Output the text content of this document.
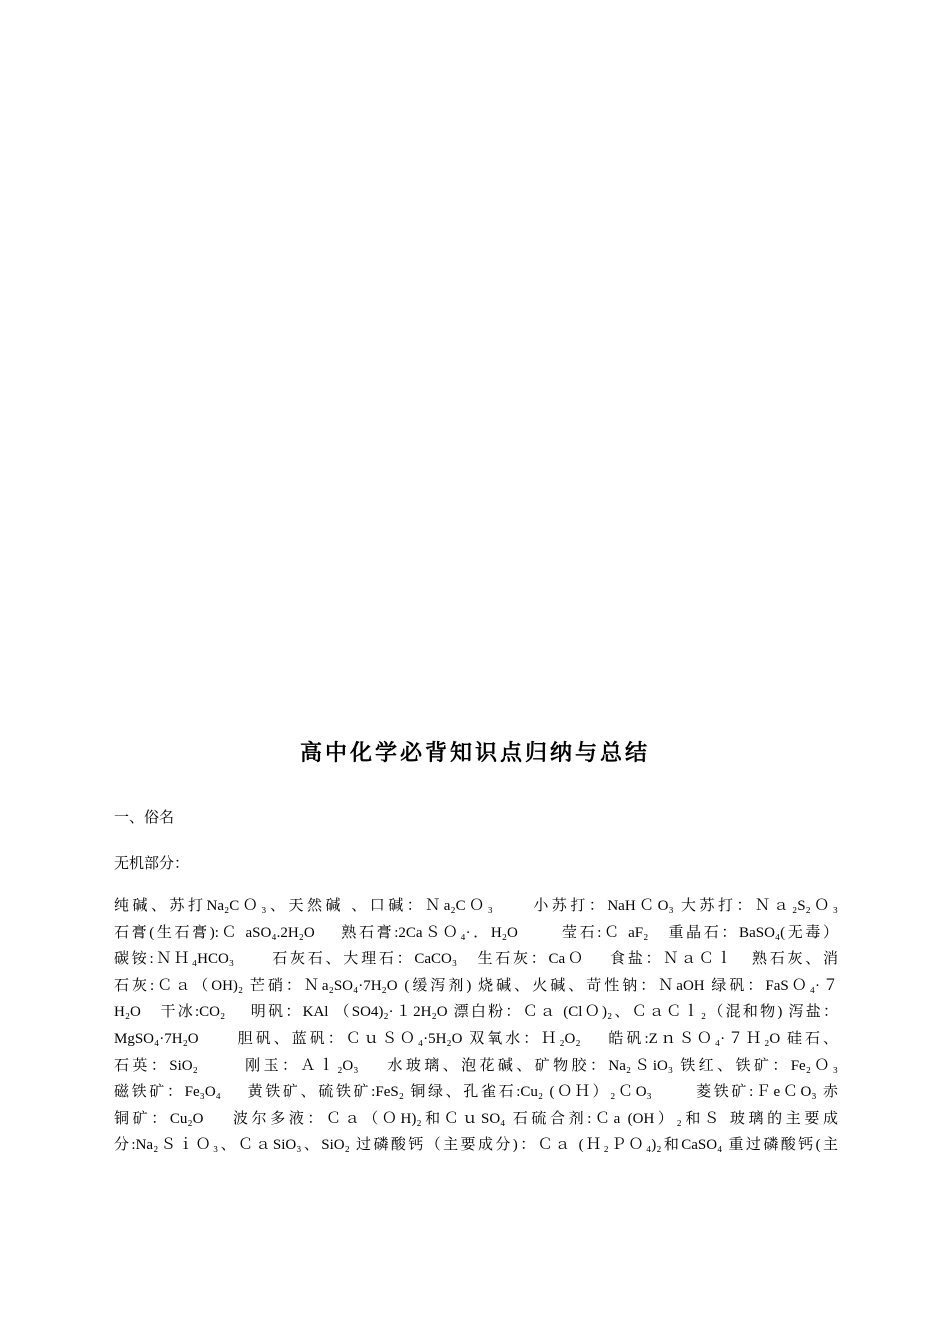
高中化学必背知识点归纳与总结
一、俗名
无机部分：
纯碱、苏打Na₂CＯ₃、天然碱 、口碱：Ｎa₂CＯ₃　　小苏打：NaHＣO₃ 大苏打：Ｎａ₂S₂Ｏ₃
石膏(生石膏):Ｃ aSO₄.2H₂O　 熟石膏:2CaＳＯ₄·．H₂O　　 莹石:Ｃ aF₂　重晶石：BaSO₄(无毒）
碳铵:ＮＨ₄HCO₃　　石灰石、大理石：CaCO₃　生石灰：CaＯ　 食盐：ＮａＣｌ　熟石灰、消
石灰:Ｃａ（OH)₂ 芒硝：Ｎa₂SO₄·7H₂O (缓泻剂) 烧碱、火碱、苛性钠：ＮaOH 绿矾：FaSＯ₄·７
H₂O　干冰:CO₂　 明矾：KAl （SO4)₂·１2H₂O 漂白粉：Ｃａ (ClＯ)₂、ＣａＣｌ₂（混和物) 泻盐：
MgSO₄·7H₂O　　胆矾、蓝矾：ＣｕＳＯ₄·5H₂O 双氧水：Ｈ₂O₂　 皓矾:ZｎＳＯ₄·７Ｈ₂O 硅石、
石英：SiO₂　　 刚玉：Ａｌ₂O₃　 水玻璃、泡花碱、矿物胶：Na₂ＳiO₃ 铁红、铁矿：Fe₂Ｏ₃
磁铁矿：Fe₃O₄　 黄铁矿、硫铁矿:FeS₂ 铜绿、孔雀石:Cu₂ (ＯＨ）₂ＣO₃　　 菱铁矿:ＦeＣO₃ 赤
铜矿：Cu₂O　 波尔多液：Ｃａ（ＯH)₂和ＣｕSO₄ 石硫合剂:Ｃa (OH）₂和Ｓ 玻璃的主要成
分:Na₂ＳｉＯ₃、ＣａSiO₃、SiO₂ 过磷酸钙（主要成分)：Ｃａ (Ｈ₂ＰＯ₄)₂和CaSO₄ 重过磷酸钙(主
